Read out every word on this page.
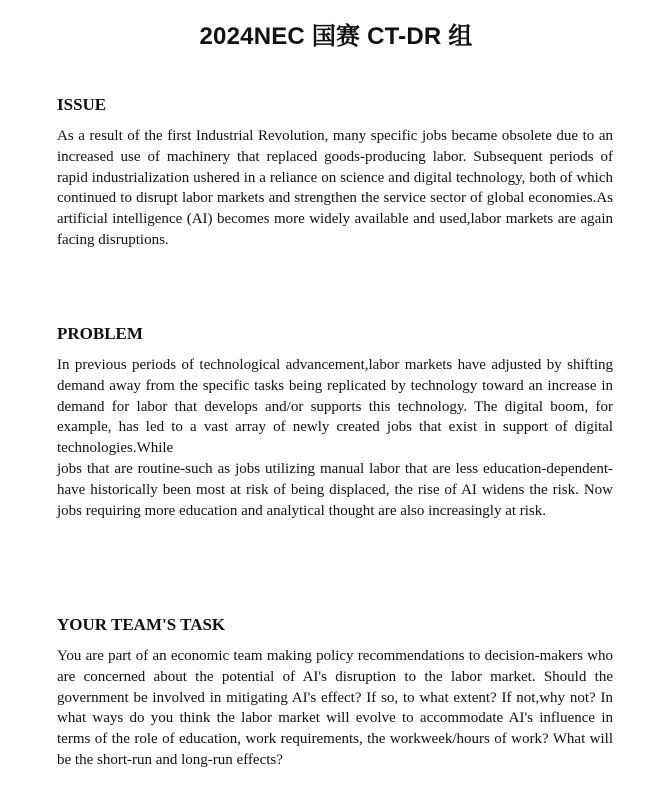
2024NEC 国赛 CT-DR 组
ISSUE

As a result of the first Industrial Revolution, many specific jobs became obsolete due to an increased use of machinery that replaced goods-producing labor. Subsequent periods of rapid industrialization ushered in a reliance on science and digital technology, both of which continued to disrupt labor markets and strengthen the service sector of global economies.As artificial intelligence (AI) becomes more widely available and used,labor markets are again facing disruptions.

PROBLEM

In previous periods of technological advancement,labor markets have adjusted by shifting demand away from the specific tasks being replicated by technology toward an increase in demand for labor that develops and/or supports this technology. The digital boom, for example, has led to a vast array of newly created jobs that exist in support of digital technologies.While

jobs that are routine-such as jobs utilizing manual labor that are less education-dependent-have historically been most at risk of being displaced, the rise of AI widens the risk. Now jobs requiring more education and analytical thought are also increasingly at risk.

YOUR TEAM'S TASK

You are part of an economic team making policy recommendations to decision-makers who are concerned about the potential of AI's disruption to the labor market. Should the government be involved in mitigating AI's effect? If so, to what extent? If not,why not? In what ways do you think the labor market will evolve to accommodate AI's influence in terms of the role of education, work requirements, the workweek/hours of work? What will be the short-run and long-run effects?
